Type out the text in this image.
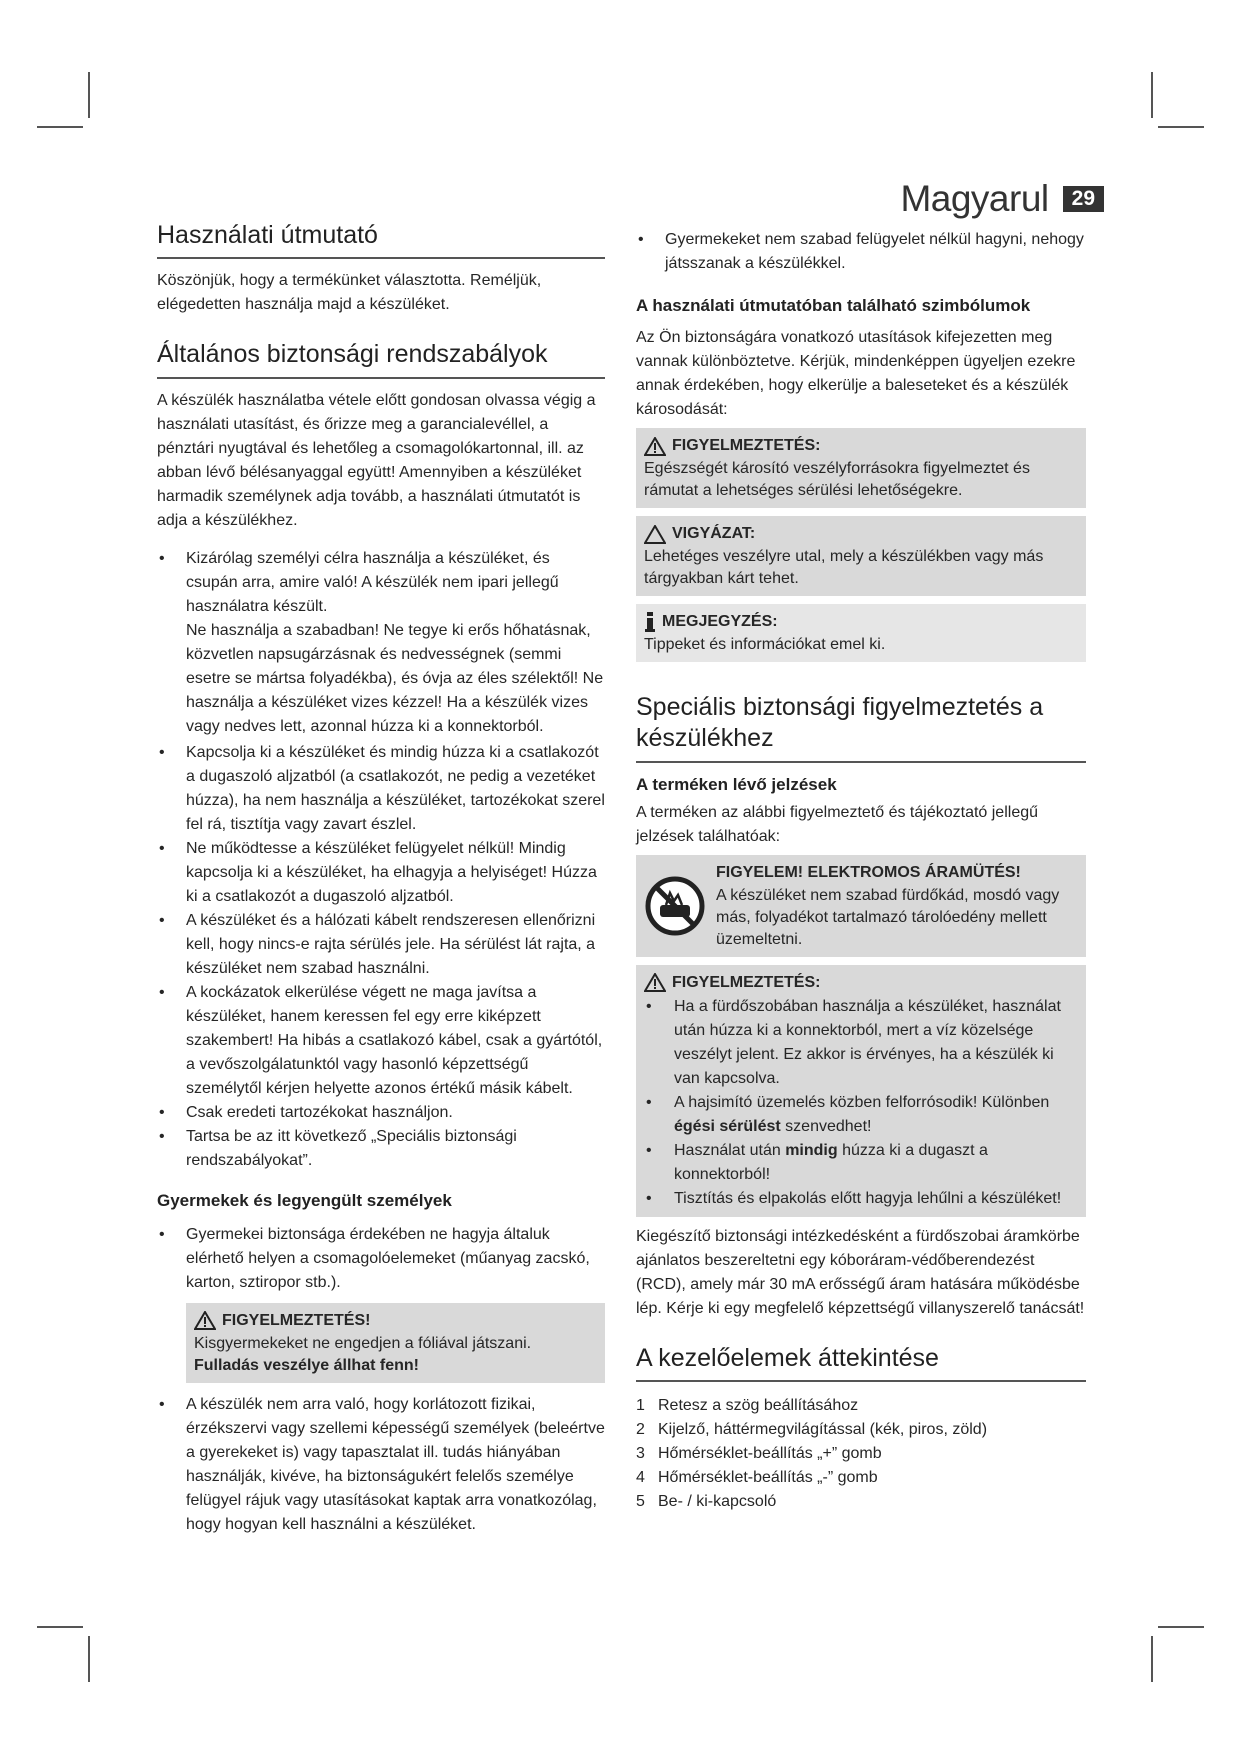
Magyarul	29
Használati útmutató

Köszönjük, hogy a termékünket választotta. Reméljük, elégedetten használja majd a készüléket.

Általános biztonsági rendszabályok

A készülék használatba vétele előtt gondosan olvassa végig a használati utasítást, és őrizze meg a garancialevéllel, a pénztári nyugtával és lehetőleg a csomagolókartonnal, ill. az abban lévő bélésanyaggal együtt! Amennyiben a készüléket harmadik személynek adja tovább, a használati útmutatót is adja a készülékhez.

• Kizárólag személyi célra használja a készüléket, és csupán arra, amire való! A készülék nem ipari jellegű használatra készült.
Ne használja a szabadban! Ne tegye ki erős hőhatásnak, közvetlen napsugárzásnak és nedvességnek (semmi esetre se mártsa folyadékba), és óvja az éles szélektől! Ne használja a készüléket vizes kézzel! Ha a készülék vizes vagy nedves lett, azonnal húzza ki a konnektorból.
• Kapcsolja ki a készüléket és mindig húzza ki a csatlakozót a dugaszoló aljzatból (a csatlakozót, ne pedig a vezetéket húzza), ha nem használja a készüléket, tartozékokat szerel fel rá, tisztítja vagy zavart észlel.
• Ne működtesse a készüléket felügyelet nélkül! Mindig kapcsolja ki a készüléket, ha elhagyja a helyiséget! Húzza ki a csatlakozót a dugaszoló aljzatból.
• A készüléket és a hálózati kábelt rendszeresen ellenőrizni kell, hogy nincs-e rajta sérülés jele. Ha sérülést lát rajta, a készüléket nem szabad használni.
• A kockázatok elkerülése végett ne maga javítsa a készüléket, hanem keressen fel egy erre kiképzett szakembert! Ha hibás a csatlakozó kábel, csak a gyártótól, a vevőszolgálatunktól vagy hasonló képzettségű személytől kérjen helyette azonos értékű másik kábelt.
• Csak eredeti tartozékokat használjon.
• Tartsa be az itt következő „Speciális biztonsági rendszabályokat”.
Gyermekek és legyengült személyek
• Gyermekei biztonsága érdekében ne hagyja általuk elérhető helyen a csomagolóelemeket (műanyag zacskó, karton, sztiropor stb.).
FIGYELMEZTETÉS!
Kisgyermekeket ne engedjen a fóliával játszani.
Fulladás veszélye állhat fenn!
• A készülék nem arra való, hogy korlátozott fizikai, érzékszervi vagy szellemi képességű személyek (beleértve a gyerekeket is) vagy tapasztalat ill. tudás hiányában használják, kivéve, ha biztonságukért felelős személye felügyel rájuk vagy utasításokat kaptak arra vonatkozólag, hogy hogyan kell használni a készüléket.
• Gyermekeket nem szabad felügyelet nélkül hagyni, nehogy játsszanak a készülékkel.
A használati útmutatóban található szimbólumok

Az Ön biztonságára vonatkozó utasítások kifejezetten meg vannak különböztetve. Kérjük, mindenképpen ügyeljen ezekre annak érdekében, hogy elkerülje a baleseteket és a készülék károsodását:

FIGYELMEZTETÉS:
Egészségét károsító veszélyforrásokra figyelmeztet és rámutat a lehetséges sérülési lehetőségekre.
VIGYÁZAT:
Lehetéges veszélyre utal, mely a készülékben vagy más tárgyakban kárt tehet.
MEGJEGYZÉS:
Tippeket és információkat emel ki.
Speciális biztonsági figyelmeztetés a készülékhez
A terméken lévő jelzések

A terméken az alábbi figyelmeztető és tájékoztató jellegű jelzések találhatóak:

FIGYELEM! ELEKTROMOS ÁRAMÜTÉS!
A készüléket nem szabad fürdőkád, mosdó vagy más, folyadékot tartalmazó tárolóedény mellett üzemeltetni.
FIGYELMEZTETÉS:
• Ha a fürdőszobában használja a készüléket, használat után húzza ki a konnektorból, mert a víz közelsége veszélyt jelent. Ez akkor is érvényes, ha a készülék ki van kapcsolva.
• A hajsimító üzemelés közben felforrósodik! Különben égési sérülést szenvedhet!
• Használat után mindig húzza ki a dugaszt a konnektorból!
• Tisztítás és elpakolás előtt hagyja lehűlni a készüléket!

Kiegészítő biztonsági intézkedésként a fürdőszobai áramkörbe ajánlatos beszereltetni egy kóboráram-védőberendezést (RCD), amely már 30 mA erősségű áram hatására működésbe lép. Kérje ki egy megfelelő képzettségű villanyszerelő tanácsát!

A kezelőelemek áttekintése
1 Retesz a szög beállításához
2 Kijelző, háttérmegvilágítással (kék, piros, zöld)
3 Hőmérséklet-beállítás „+” gomb
4 Hőmérséklet-beállítás „-” gomb
5 Be- / ki-kapcsoló
